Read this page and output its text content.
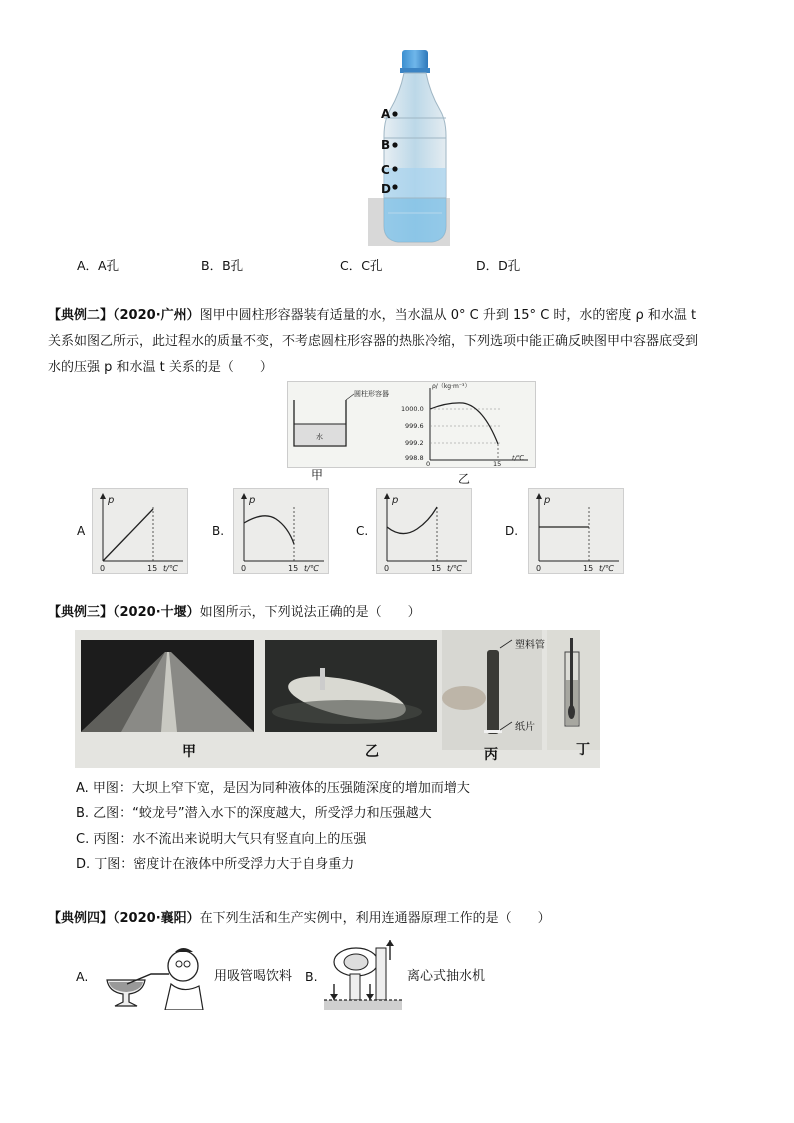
A
B
C
D
A．A孔	B．B孔	C．C孔	D．D孔
【典例二】（2020·广州）图甲中圆柱形容器装有适量的水，当水温从 0° C 升到 15° C 时，水的密度 ρ 和水温 t
关系如图乙所示，此过程水的质量不变，不考虑圆柱形容器的热胀冷缩，下列选项中能正确反映图甲中容器底受到
水的压强 p 和水温 t 关系的是（　　）
圆柱形容器
水
ρ/（kg·m⁻³）
1000.0
999.6
999.2
998.8
0	15
t/℃
甲	乙
A
p
0	15 t/℃
B.
p
0	15 t/℃
C.
p
0	15 t/℃
D.
p
0	15 t/℃
【典例三】（2020·十堰）如图所示，下列说法正确的是（　　）
塑料管
纸片
甲	乙	丙	丁
A. 甲图：大坝上窄下宽，是因为同种液体的压强随深度的增加而增大
B. 乙图：“蛟龙号”潜入水下的深度越大，所受浮力和压强越大
C. 丙图：水不流出来说明大气只有竖直向上的压强
D. 丁图：密度计在液体中所受浮力大于自身重力
【典例四】（2020·襄阳）在下列生活和生产实例中，利用连通器原理工作的是（　　）
A.	用吸管喝饮料 B.	离心式抽水机
